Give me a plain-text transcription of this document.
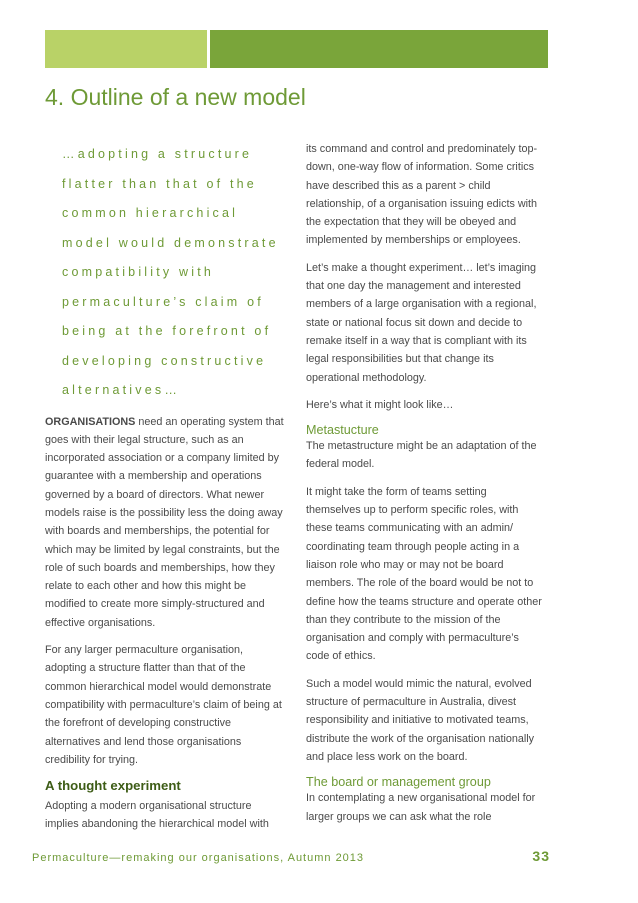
4. Outline of a new model
…adopting a structure
flatter than that of the
common hierarchical
model would demonstrate
compatibility with
permaculture’s claim of
being at the forefront of
developing constructive
alternatives…

ORGANISATIONS need an operating system that goes with their legal structure, such as an incorporated association or a company limited by guarantee with a membership and operations governed by a board of directors. What newer models raise is the possibility less the doing away with boards and memberships, the potential for which may be limited by legal constraints, but the role of such boards and memberships, how they relate to each other and how this might be modified to create more simply-structured and effective organisations.

For any larger permaculture organisation, adopting a structure flatter than that of the common hierarchical model would demonstrate compatibility with permaculture’s claim of being at the forefront of developing constructive alternatives and lend those organisations credibility for trying.

A thought experiment

Adopting a modern organisational structure implies abandoning the hierarchical model with

its command and control and predominately top-down, one-way flow of information. Some critics have described this as a parent > child relationship, of a organisation issuing edicts with the expectation that they will be obeyed and implemented by memberships or employees.

Let’s make a thought experiment… let’s imaging that one day the management and interested members of a large organisation with a regional, state or national focus sit down and decide to remake itself in a way that is compliant with its legal responsibilities but that change its operational methodology.

Here’s what it might look like…

Metastucture

The metastructure might be an adaptation of the federal model.

It might take the form of teams setting themselves up to perform specific roles, with these teams communicating with an admin/ coordinating team through people acting in a liaison role who may or may not be board members. The role of the board would be not to define how the teams structure and operate other than they contribute to the mission of the organisation and comply with permaculture’s code of ethics.

Such a model would mimic the natural, evolved structure of permaculture in Australia, divest responsibility and initiative to motivated teams, distribute the work of the organisation nationally and place less work on the board.

The board or management group

In contemplating a new organisational model for larger groups we can ask what the role

Permaculture—remaking our organisations, Autumn 2013	33
